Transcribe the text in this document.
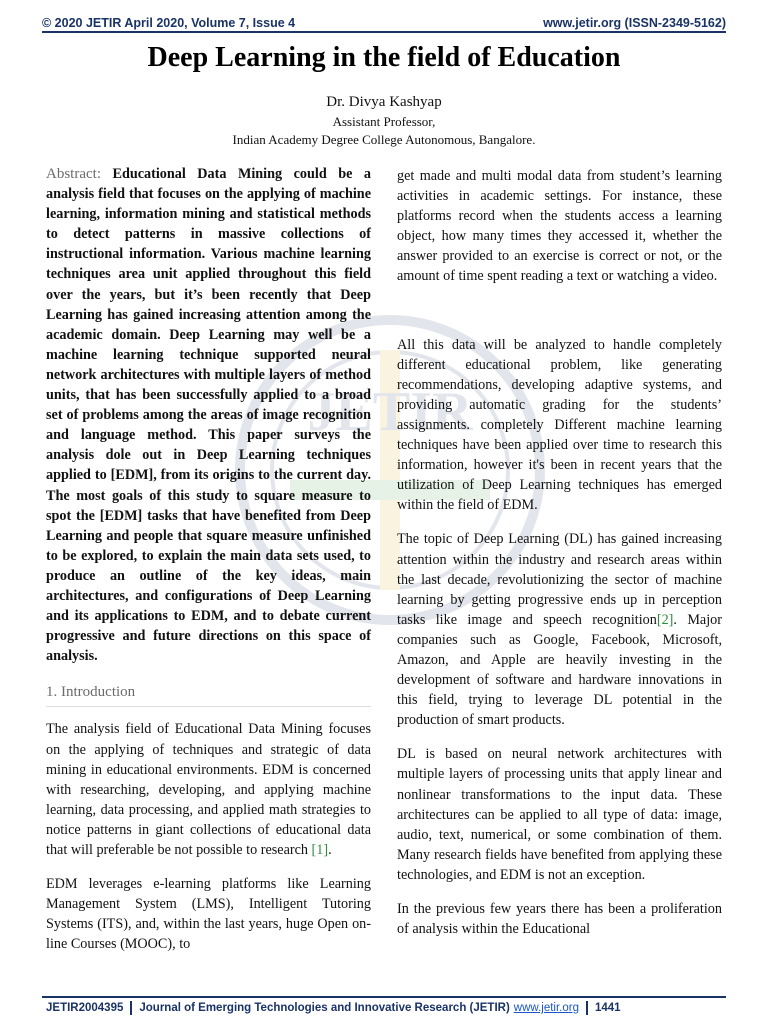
© 2020 JETIR April 2020, Volume 7, Issue 4	www.jetir.org (ISSN-2349-5162)
JETIR
Deep Learning in the field of Education
Dr. Divya Kashyap
Assistant Professor,
Indian Academy Degree College Autonomous, Bangalore.

Abstract: Educational Data Mining could be a analysis field that focuses on the applying of machine learning, information mining and statistical methods to detect patterns in massive collections of instructional information. Various machine learning techniques area unit applied throughout this field over the years, but it’s been recently that Deep Learning has gained increasing attention among the academic domain. Deep Learning may well be a machine learning technique supported neural network architectures with multiple layers of method units, that has been successfully applied to a broad set of problems among the areas of image recognition and language method. This paper surveys the analysis dole out in Deep Learning techniques applied to [EDM], from its origins to the current day. The most goals of this study to square measure to spot the [EDM] tasks that have benefited from Deep Learning and people that square measure unfinished to be explored, to explain the main data sets used, to produce an outline of the key ideas, main architectures, and configurations of Deep Learning and its applications to EDM, and to debate current progressive and future directions on this space of analysis.

1. Introduction

The analysis field of Educational Data Mining focuses on the applying of techniques and strategic of data mining in educational environments. EDM is concerned with researching, developing, and applying machine learning, data processing, and applied math strategies to notice patterns in giant collections of educational data that will preferable be not possible to research [1].

EDM leverages e-learning platforms like Learning Management System (LMS), Intelligent Tutoring Systems (ITS), and, within the last years, huge Open on-line Courses (MOOC), to

get made and multi modal data from student’s learning activities in academic settings. For instance, these platforms record when the students access a learning object, how many times they accessed it, whether the answer provided to an exercise is correct or not, or the amount of time spent reading a text or watching a video.

All this data will be analyzed to handle completely different educational problem, like generating recommendations, developing adaptive systems, and providing automatic grading for the students’ assignments. completely Different machine learning techniques have been applied over time to research this information, however it's been in recent years that the utilization of Deep Learning techniques has emerged within the field of EDM.

The topic of Deep Learning (DL) has gained increasing attention within the industry and research areas within the last decade, revolutionizing the sector of machine learning by getting progressive ends up in perception tasks like image and speech recognition[2]. Major companies such as Google, Facebook, Microsoft, Amazon, and Apple are heavily investing in the development of software and hardware innovations in this field, trying to leverage DL potential in the production of smart products.

DL is based on neural network architectures with multiple layers of processing units that apply linear and nonlinear transformations to the input data. These architectures can be applied to all type of data: image, audio, text, numerical, or some combination of them. Many research fields have benefited from applying these technologies, and EDM is not an exception.

In the previous few years there has been a proliferation of analysis within the Educational

JETIR2004395 Journal of Emerging Technologies and Innovative Research (JETIR) www.jetir.org 1441
